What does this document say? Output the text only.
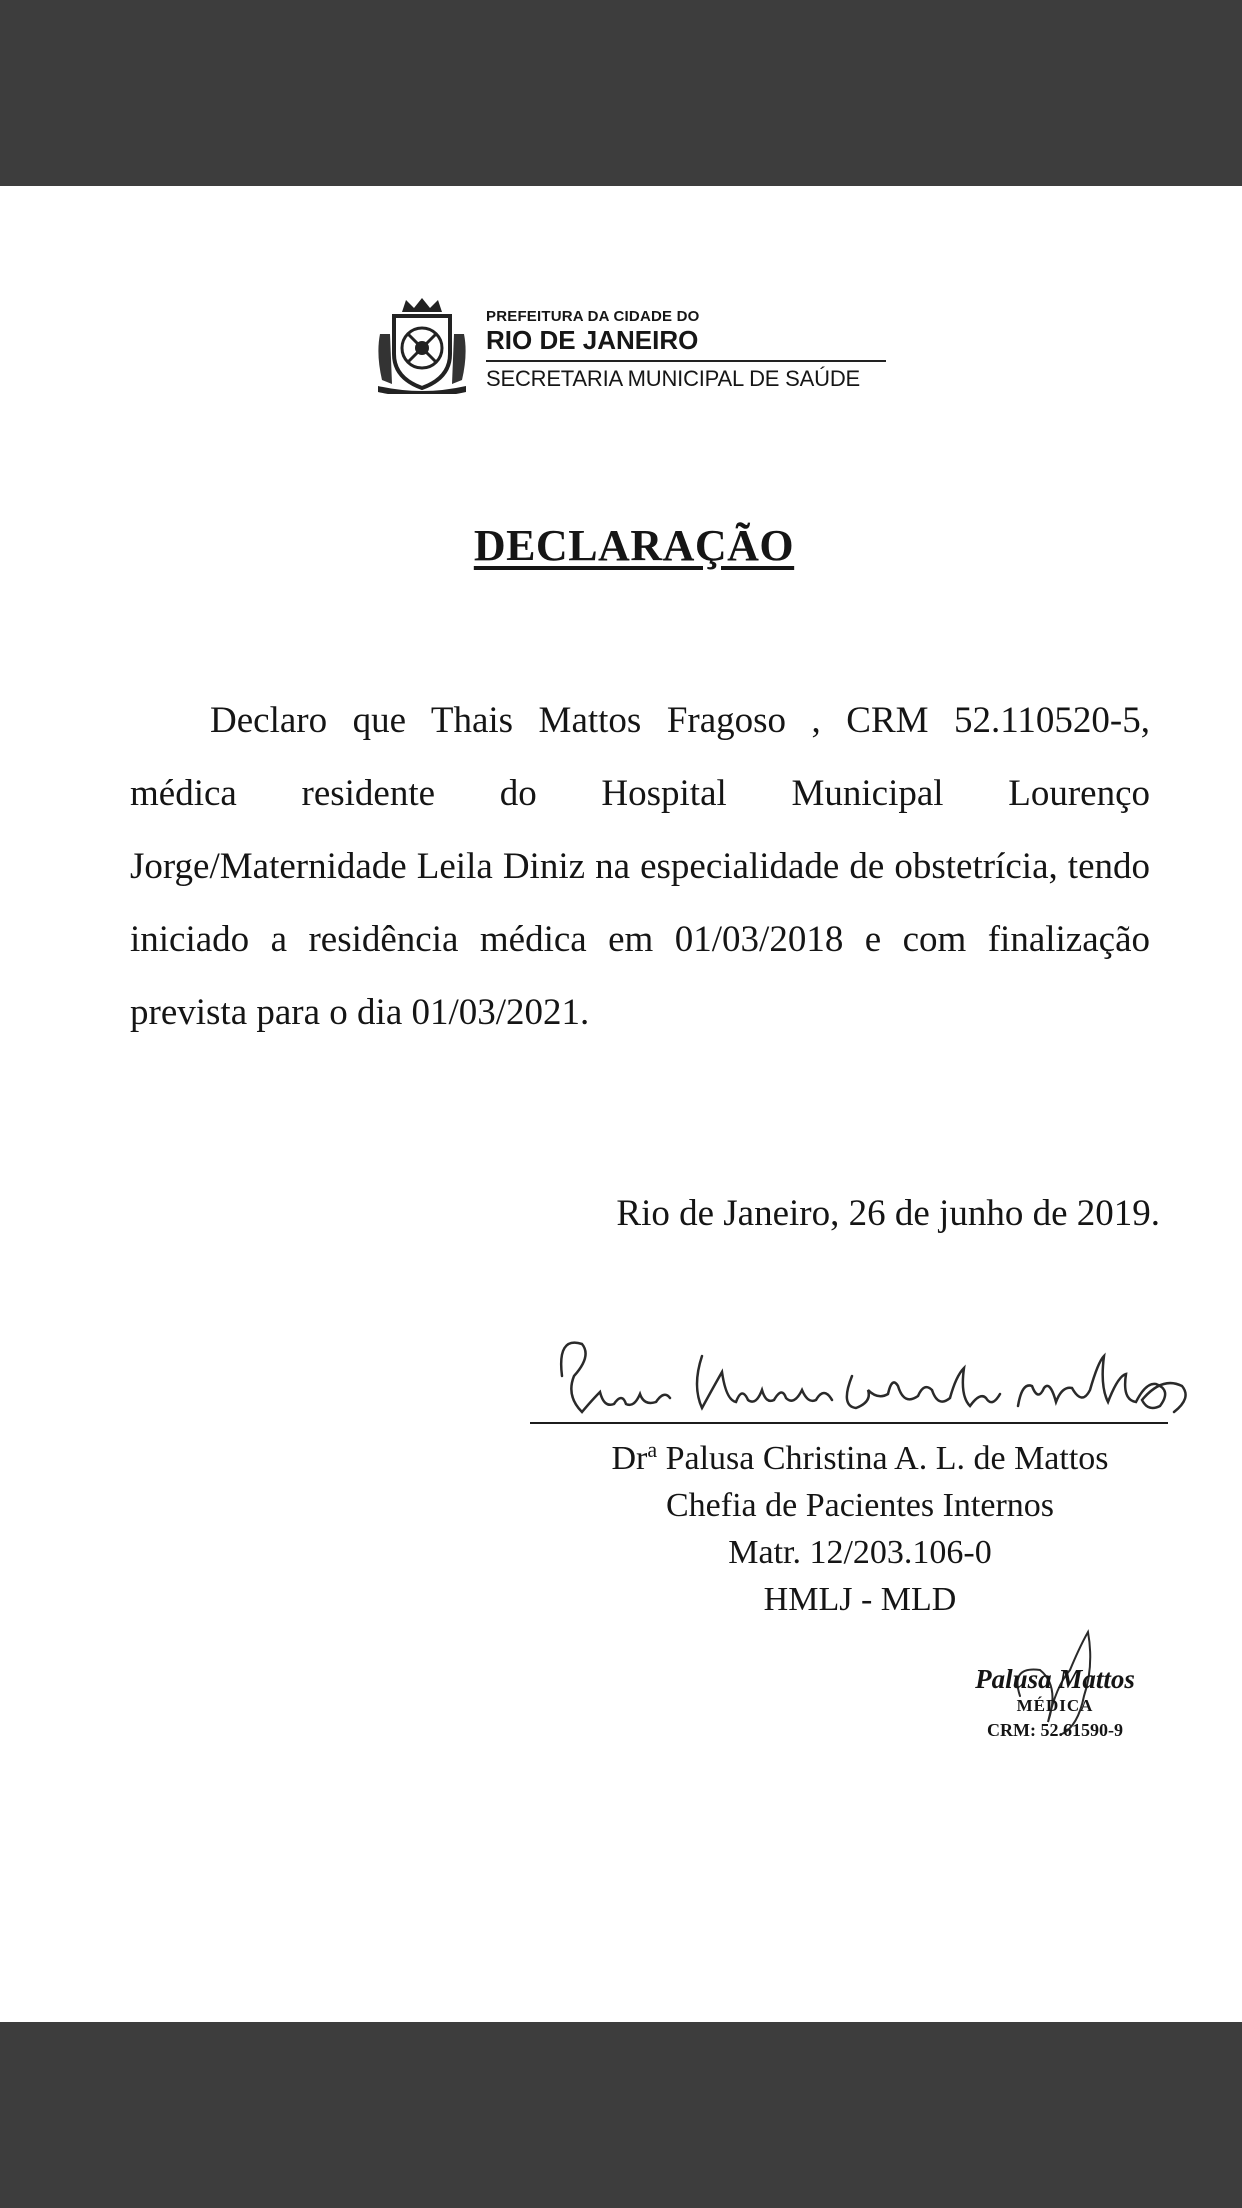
PREFEITURA DA CIDADE DO
RIO DE JANEIRO
SECRETARIA MUNICIPAL DE SAÚDE
DECLARAÇÃO

Declaro que Thais Mattos Fragoso , CRM 52.110520-5, médica residente do Hospital Municipal Lourenço Jorge/Maternidade Leila Diniz na especialidade de obstetrícia, tendo iniciado a residência médica em 01/03/2018 e com finalização prevista para o dia 01/03/2021.

Rio de Janeiro, 26 de junho de 2019.
Dr$^a$ Palusa Christina A. L. de Mattos
Chefia de Pacientes Internos
Matr. 12/203.106-0
HMLJ - MLD
Palusa Mattos
MÉDICA
CRM: 52.61590-9
